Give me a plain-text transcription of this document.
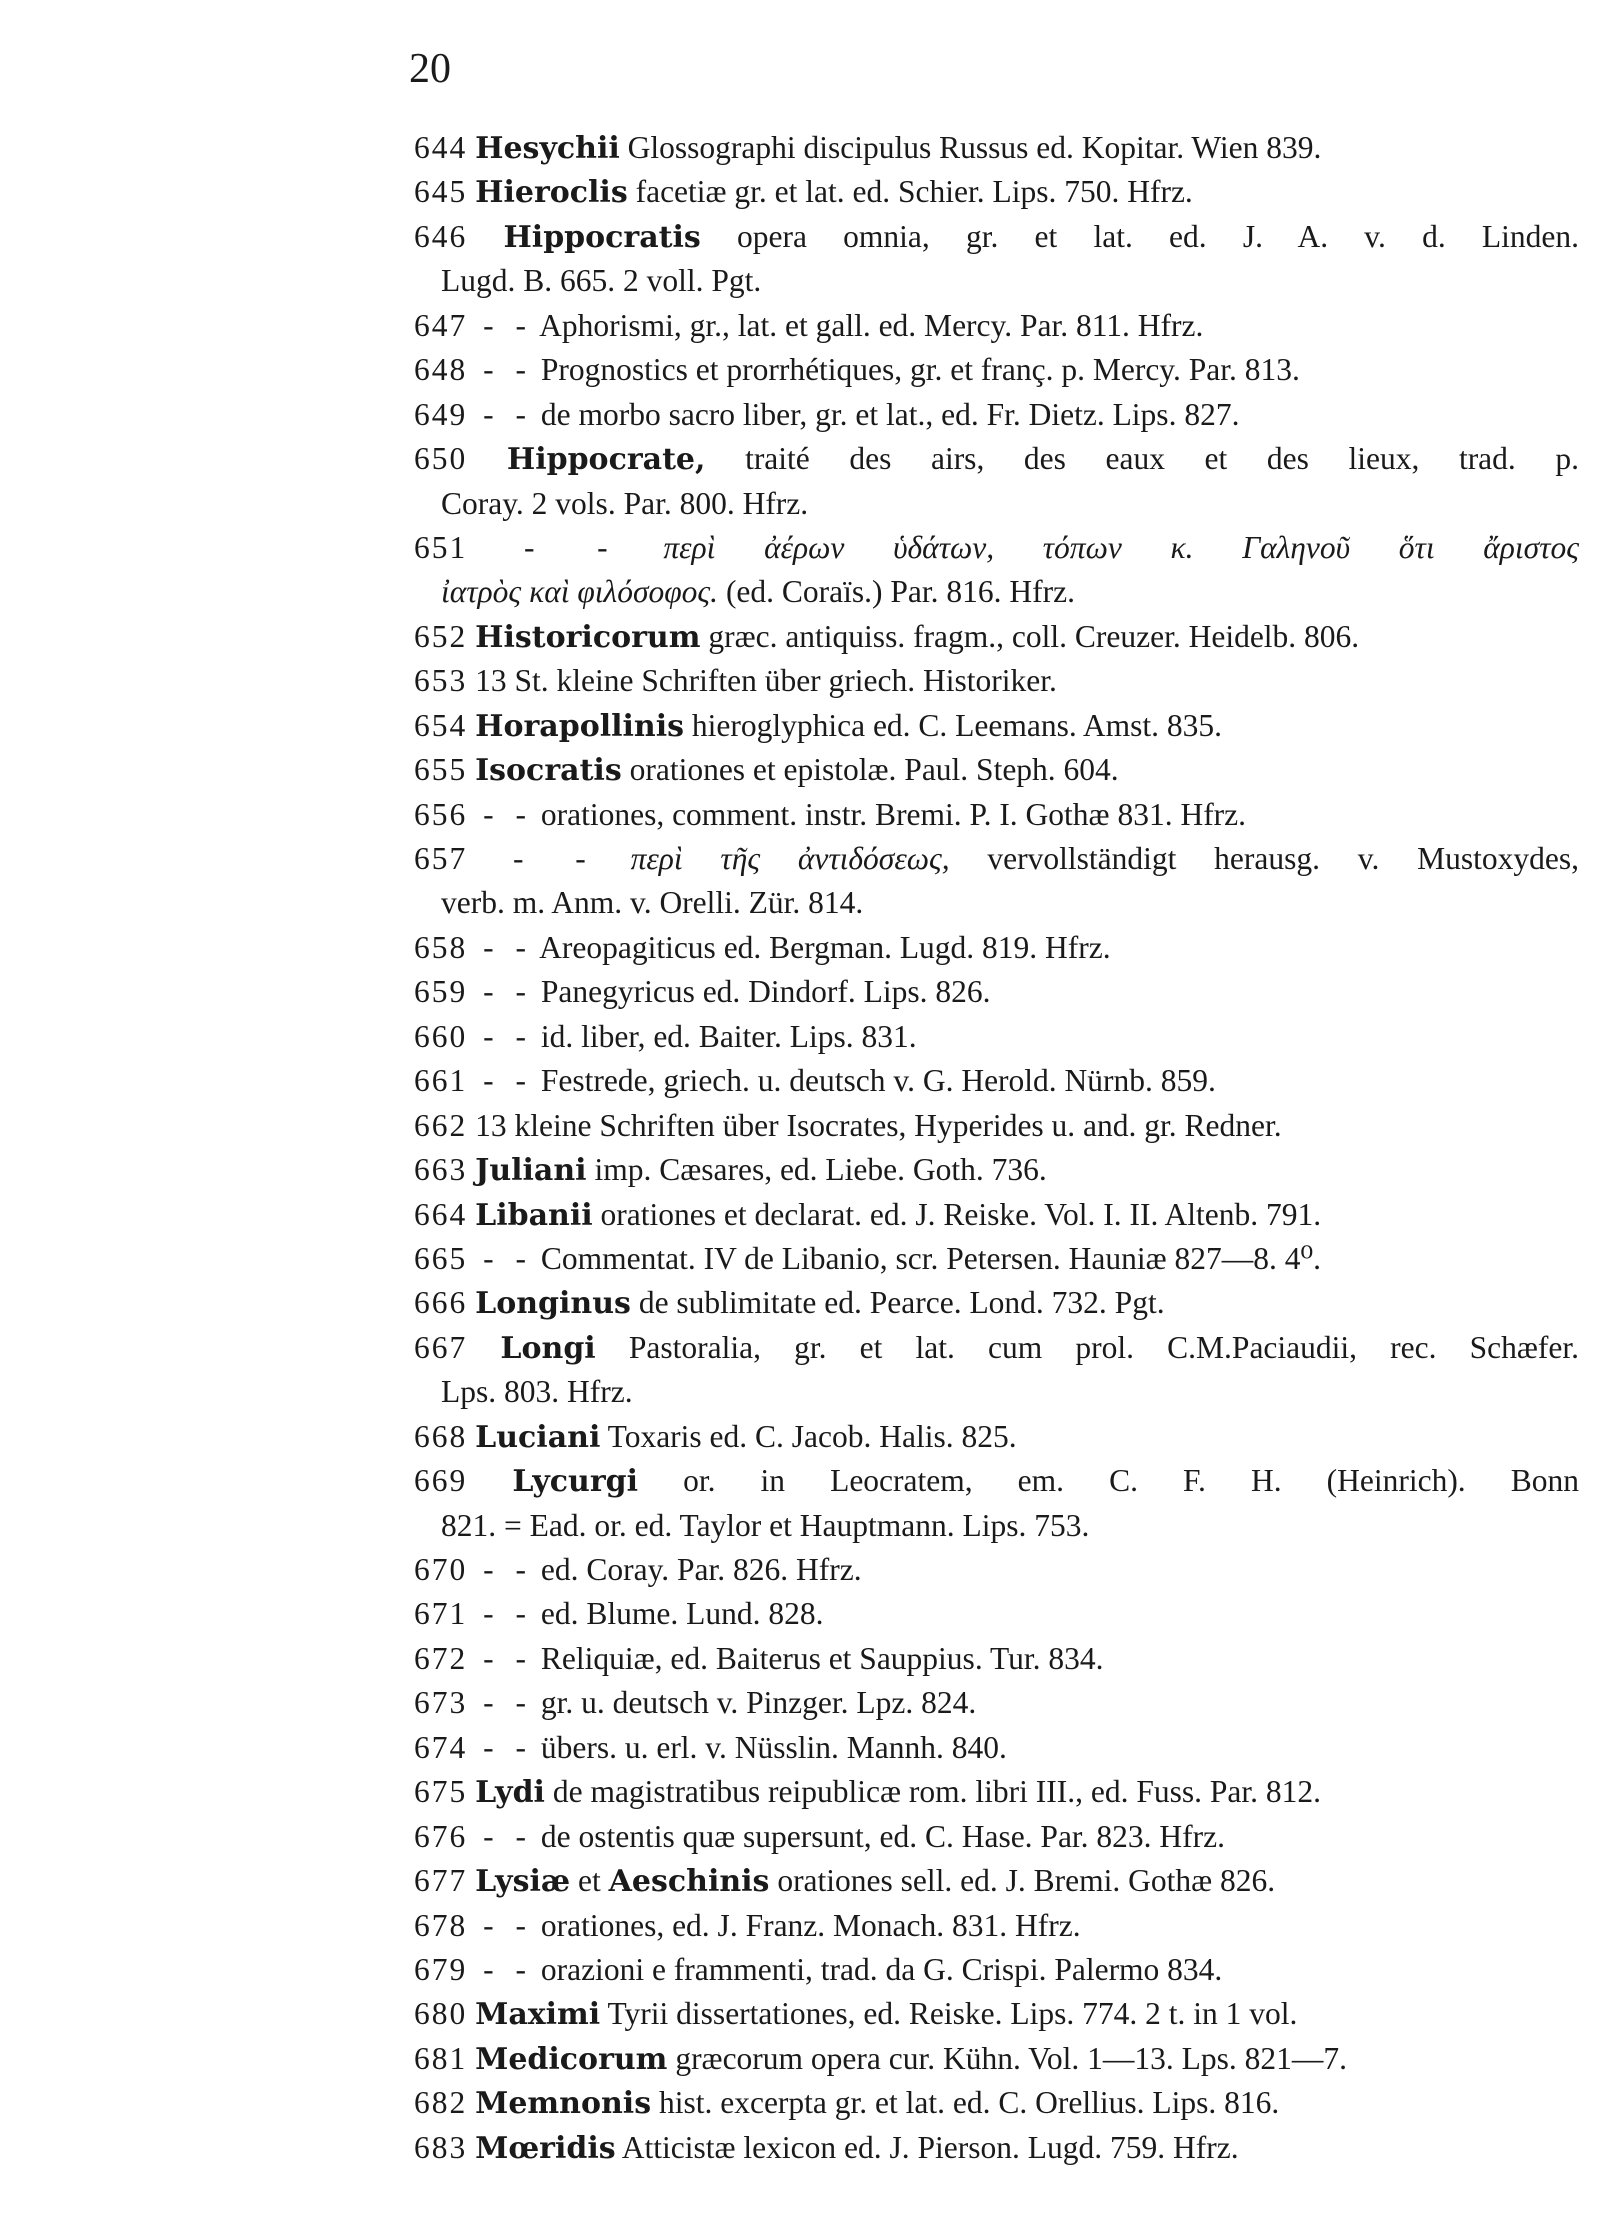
20
644 Hesychii Glossographi discipulus Russus ed. Kopitar. Wien 839.
645 Hieroclis facetiæ gr. et lat. ed. Schier. Lips. 750. Hfrz.
646 Hippocratis opera omnia, gr. et lat. ed. J. A. v. d. Linden.
Lugd. B. 665. 2 voll. Pgt.
647 - - Aphorismi, gr., lat. et gall. ed. Mercy. Par. 811. Hfrz.
648 - - Prognostics et prorrhétiques, gr. et franç. p. Mercy. Par. 813.
649 - - de morbo sacro liber, gr. et lat., ed. Fr. Dietz. Lips. 827.
650 Hippocrate, traité des airs, des eaux et des lieux, trad. p.
Coray. 2 vols. Par. 800. Hfrz.
651 - - περὶ ἀέρων ὑδάτων, τόπων κ. Γαληνοῦ ὅτι ἄριστος
ἰατρὸς καὶ φιλόσοφος. (ed. Coraïs.) Par. 816. Hfrz.
652 Historicorum græc. antiquiss. fragm., coll. Creuzer. Heidelb. 806.
653 13 St. kleine Schriften über griech. Historiker.
654 Horapollinis hieroglyphica ed. C. Leemans. Amst. 835.
655 Isocratis orationes et epistolæ. Paul. Steph. 604.
656 - - orationes, comment. instr. Bremi. P. I. Gothæ 831. Hfrz.
657 - - περὶ τῆς ἀντιδόσεως, vervollständigt herausg. v. Mustoxydes,
verb. m. Anm. v. Orelli. Zür. 814.
658 - - Areopagiticus ed. Bergman. Lugd. 819. Hfrz.
659 - - Panegyricus ed. Dindorf. Lips. 826.
660 - - id. liber, ed. Baiter. Lips. 831.
661 - - Festrede, griech. u. deutsch v. G. Herold. Nürnb. 859.
662 13 kleine Schriften über Isocrates, Hyperides u. and. gr. Redner.
663 Juliani imp. Cæsares, ed. Liebe. Goth. 736.
664 Libanii orationes et declarat. ed. J. Reiske. Vol. I. II. Altenb. 791.
665 - - Commentat. IV de Libanio, scr. Petersen. Hauniæ 827—8. 4⁰.
666 Longinus de sublimitate ed. Pearce. Lond. 732. Pgt.
667 Longi Pastoralia, gr. et lat. cum prol. C.M.Paciaudii, rec. Schæfer.
Lps. 803. Hfrz.
668 Luciani Toxaris ed. C. Jacob. Halis. 825.
669 Lycurgi or. in Leocratem, em. C. F. H. (Heinrich). Bonn
821. = Ead. or. ed. Taylor et Hauptmann. Lips. 753.
670 - - ed. Coray. Par. 826. Hfrz.
671 - - ed. Blume. Lund. 828.
672 - - Reliquiæ, ed. Baiterus et Sauppius. Tur. 834.
673 - - gr. u. deutsch v. Pinzger. Lpz. 824.
674 - - übers. u. erl. v. Nüsslin. Mannh. 840.
675 Lydi de magistratibus reipublicæ rom. libri III., ed. Fuss. Par. 812.
676 - - de ostentis quæ supersunt, ed. C. Hase. Par. 823. Hfrz.
677 Lysiæ et Aeschinis orationes sell. ed. J. Bremi. Gothæ 826.
678 - - orationes, ed. J. Franz. Monach. 831. Hfrz.
679 - - orazioni e frammenti, trad. da G. Crispi. Palermo 834.
680 Maximi Tyrii dissertationes, ed. Reiske. Lips. 774. 2 t. in 1 vol.
681 Medicorum græcorum opera cur. Kühn. Vol. 1—13. Lps. 821—7.
682 Memnonis hist. excerpta gr. et lat. ed. C. Orellius. Lips. 816.
683 Mœridis Atticistæ lexicon ed. J. Pierson. Lugd. 759. Hfrz.
